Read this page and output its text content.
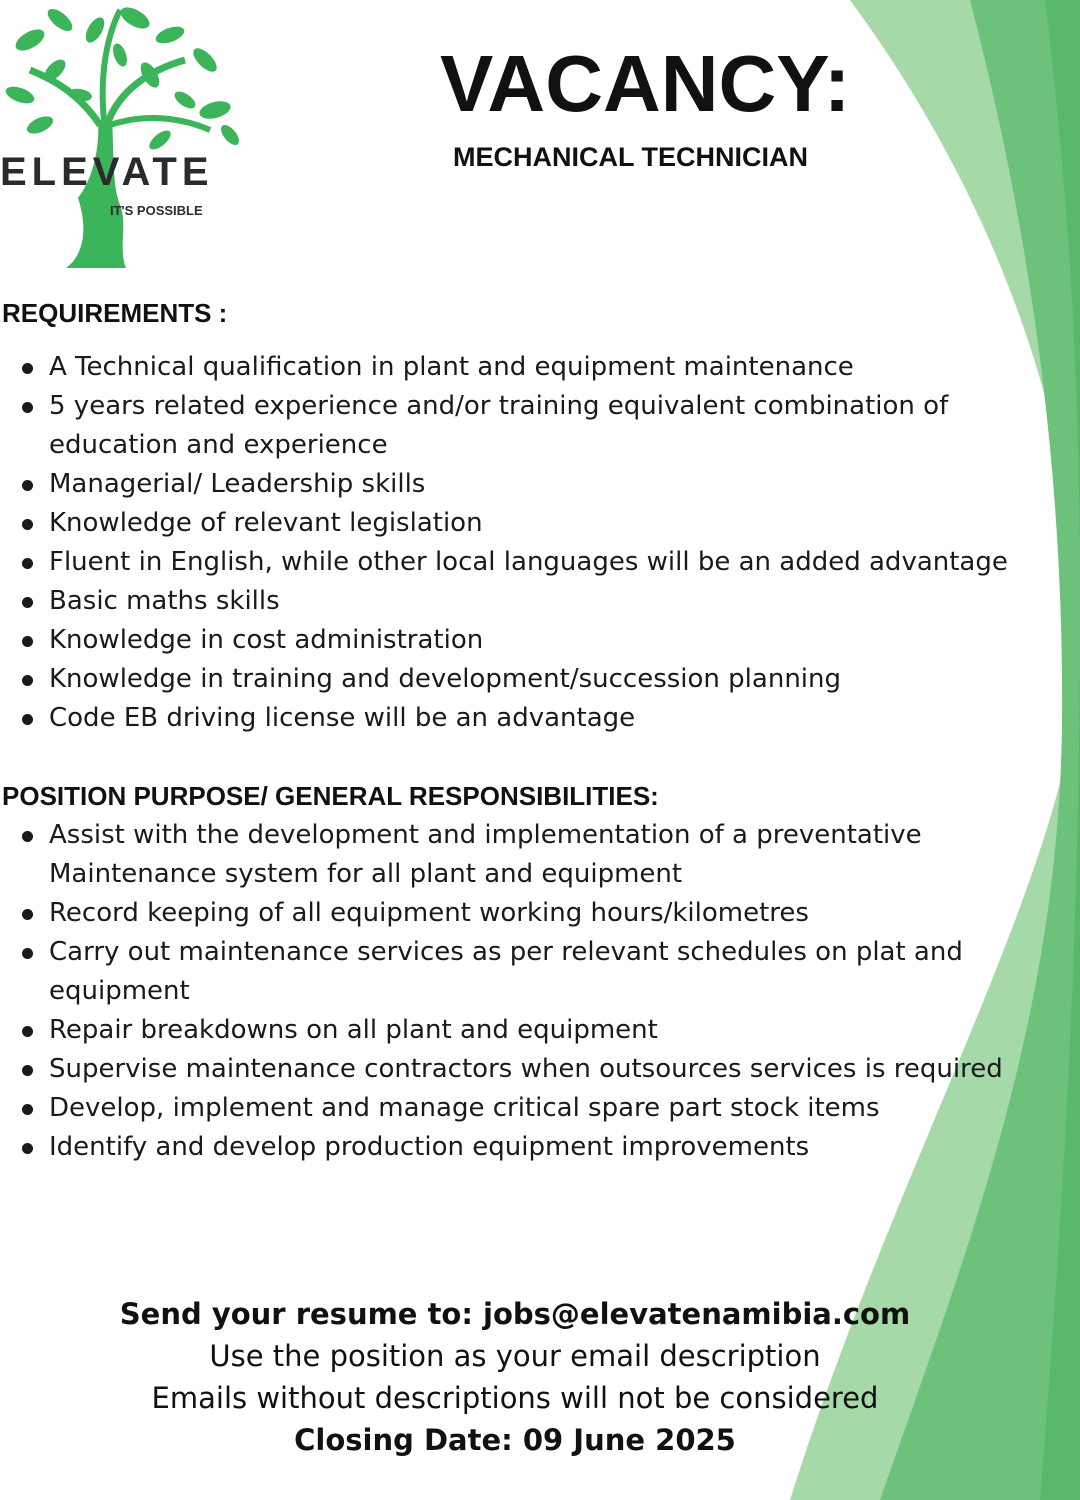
ELEVATE

IT'S POSSIBLE

VACANCY:
MECHANICAL TECHNICIAN
REQUIREMENTS :
A Technical qualification in plant and equipment maintenance
5 years related experience and/or training equivalent combination of
education and experience
Managerial/ Leadership skills
Knowledge of relevant legislation
Fluent in English, while other local languages will be an added advantage
Basic maths skills
Knowledge in cost administration
Knowledge in training and development/succession planning
Code EB driving license will be an advantage
POSITION PURPOSE/ GENERAL RESPONSIBILITIES:
Assist with the development and implementation of a preventative
Maintenance system for all plant and equipment
Record keeping of all equipment working hours/kilometres
Carry out maintenance services as per relevant schedules on plat and
equipment
Repair breakdowns on all plant and equipment
Supervise maintenance contractors when outsources services is required
Develop, implement and manage critical spare part stock items
Identify and develop production equipment improvements

Send your resume to: jobs@elevatenamibia.com

Use the position as your email description

Emails without descriptions will not be considered

Closing Date: 09 June 2025
